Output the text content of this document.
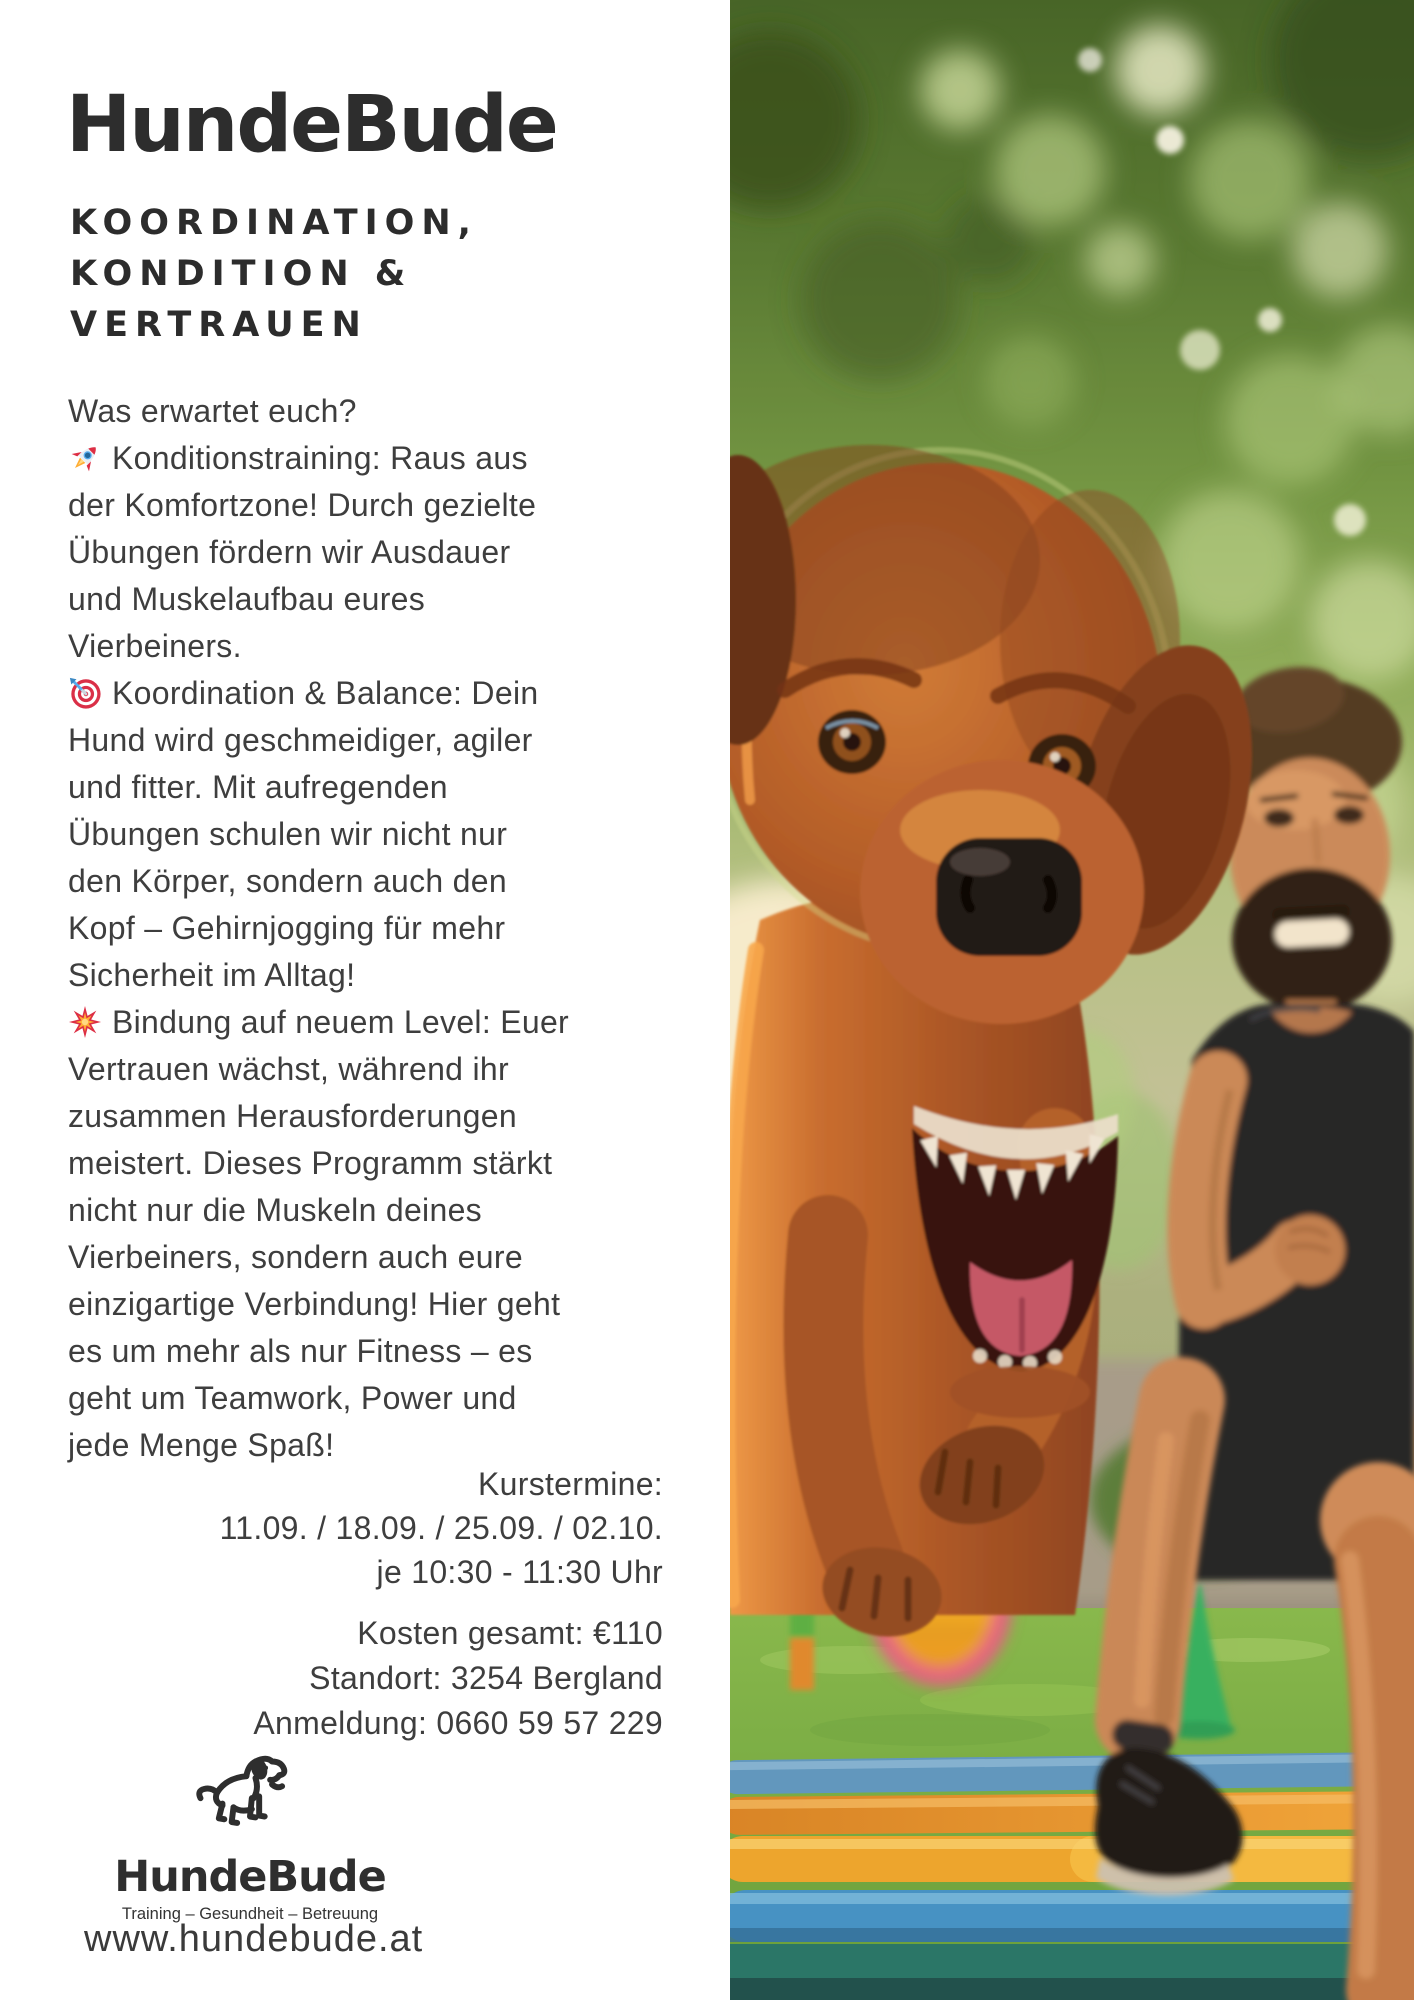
HundeBude
KOORDINATION,
KONDITION &
VERTRAUEN
Was erwartet euch?
Konditionstraining: Raus aus
der Komfortzone! Durch gezielte
Übungen fördern wir Ausdauer
und Muskelaufbau eures
Vierbeiners.
Koordination & Balance: Dein
Hund wird geschmeidiger, agiler
und fitter. Mit aufregenden
Übungen schulen wir nicht nur
den Körper, sondern auch den
Kopf – Gehirnjogging für mehr
Sicherheit im Alltag!
Bindung auf neuem Level: Euer
Vertrauen wächst, während ihr
zusammen Herausforderungen
meistert. Dieses Programm stärkt
nicht nur die Muskeln deines
Vierbeiners, sondern auch eure
einzigartige Verbindung! Hier geht
es um mehr als nur Fitness – es
geht um Teamwork, Power und
jede Menge Spaß!
Kurstermine:
11.09. / 18.09. / 25.09. / 02.10.
je 10:30 - 11:30 Uhr
Kosten gesamt: €110
Standort: 3254 Bergland
Anmeldung: 0660 59 57 229
HundeBude
Training – Gesundheit – Betreuung
www.hundebude.at
